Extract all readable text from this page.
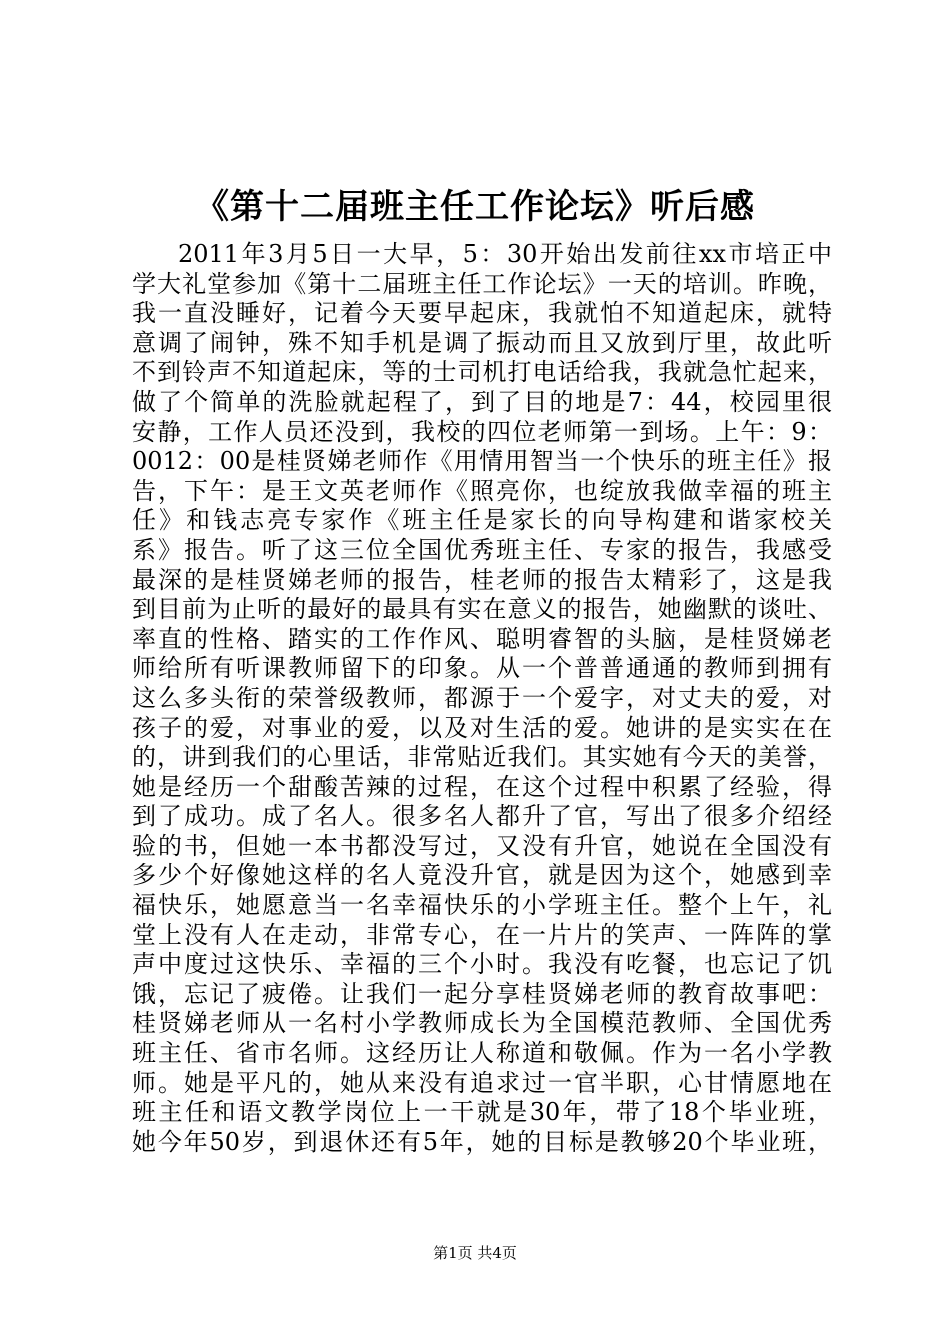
《第十二届班主任工作论坛》听后感
2011年3月5日一大早，5：30开始出发前往xx市培正中
学大礼堂参加《第十二届班主任工作论坛》一天的培训。昨晚，
我一直没睡好，记着今天要早起床，我就怕不知道起床，就特
意调了闹钟，殊不知手机是调了振动而且又放到厅里，故此听
不到铃声不知道起床，等的士司机打电话给我，我就急忙起来，
做了个简单的洗脸就起程了，到了目的地是7：44，校园里很
安静，工作人员还没到，我校的四位老师第一到场。上午：9：
0012：00是桂贤娣老师作《用情用智当一个快乐的班主任》报
告，下午：是王文英老师作《照亮你，也绽放我做幸福的班主
任》和钱志亮专家作《班主任是家长的向导构建和谐家校关
系》报告。听了这三位全国优秀班主任、专家的报告，我感受
最深的是桂贤娣老师的报告，桂老师的报告太精彩了，这是我
到目前为止听的最好的最具有实在意义的报告，她幽默的谈吐、
率直的性格、踏实的工作作风、聪明睿智的头脑，是桂贤娣老
师给所有听课教师留下的印象。从一个普普通通的教师到拥有
这么多头衔的荣誉级教师，都源于一个爱字，对丈夫的爱，对
孩子的爱，对事业的爱，以及对生活的爱。她讲的是实实在在
的，讲到我们的心里话，非常贴近我们。其实她有今天的美誉，
她是经历一个甜酸苦辣的过程，在这个过程中积累了经验，得
到了成功。成了名人。很多名人都升了官，写出了很多介绍经
验的书，但她一本书都没写过，又没有升官，她说在全国没有
多少个好像她这样的名人竟没升官，就是因为这个，她感到幸
福快乐，她愿意当一名幸福快乐的小学班主任。整个上午，礼
堂上没有人在走动，非常专心，在一片片的笑声、一阵阵的掌
声中度过这快乐、幸福的三个小时。我没有吃餐，也忘记了饥
饿，忘记了疲倦。让我们一起分享桂贤娣老师的教育故事吧：
桂贤娣老师从一名村小学教师成长为全国模范教师、全国优秀
班主任、省市名师。这经历让人称道和敬佩。作为一名小学教
师。她是平凡的，她从来没有追求过一官半职，心甘情愿地在
班主任和语文教学岗位上一干就是30年，带了18个毕业班，
她今年50岁，到退休还有5年，她的目标是教够20个毕业班，
第1页 共4页
